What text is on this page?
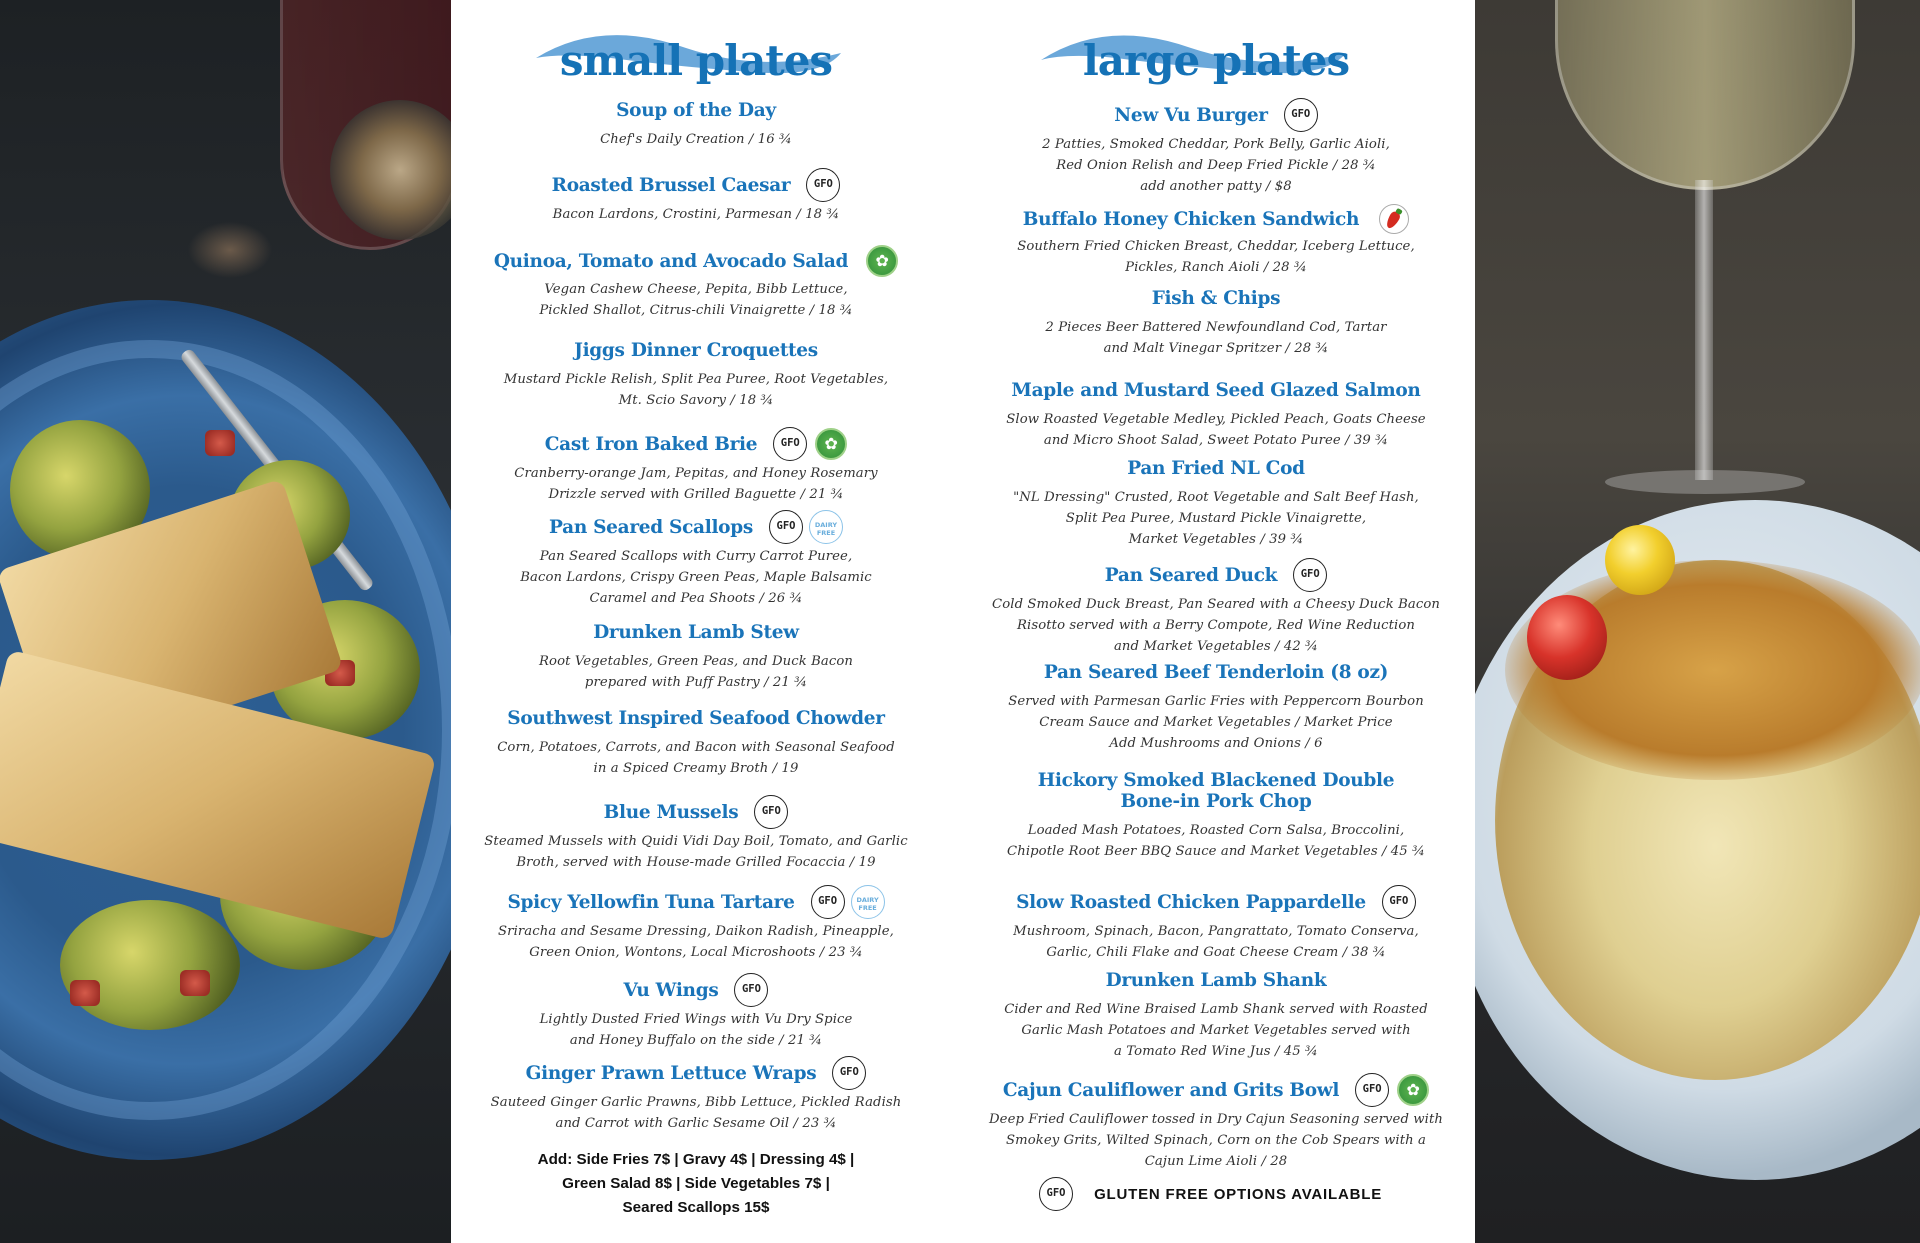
small plates
Soup of the Day
Chef's Daily Creation / 16 ¾
Roasted Brussel Caesar GFO
Bacon Lardons, Crostini, Parmesan / 18 ¾
Quinoa, Tomato and Avocado Salad ✿
Vegan Cashew Cheese, Pepita, Bibb Lettuce,
Pickled Shallot, Citrus-chili Vinaigrette / 18 ¾
Jiggs Dinner Croquettes
Mustard Pickle Relish, Split Pea Puree, Root Vegetables,
Mt. Scio Savory / 18 ¾
Cast Iron Baked Brie GFO ✿
Cranberry-orange Jam, Pepitas, and Honey Rosemary
Drizzle served with Grilled Baguette / 21 ¾
Pan Seared Scallops GFO	DAIRY
FREE
Pan Seared Scallops with Curry Carrot Puree,
Bacon Lardons, Crispy Green Peas, Maple Balsamic
Caramel and Pea Shoots / 26 ¾
Drunken Lamb Stew
Root Vegetables, Green Peas, and Duck Bacon
prepared with Puff Pastry / 21 ¾
Southwest Inspired Seafood Chowder
Corn, Potatoes, Carrots, and Bacon with Seasonal Seafood
in a Spiced Creamy Broth / 19
Blue Mussels GFO
Steamed Mussels with Quidi Vidi Day Boil, Tomato, and Garlic
Broth, served with House-made Grilled Focaccia / 19
Spicy Yellowfin Tuna Tartare GFO	DAIRY
FREE
Sriracha and Sesame Dressing, Daikon Radish, Pineapple,
Green Onion, Wontons, Local Microshoots / 23 ¾
Vu Wings GFO
Lightly Dusted Fried Wings with Vu Dry Spice
and Honey Buffalo on the side / 21 ¾
Ginger Prawn Lettuce Wraps GFO
Sauteed Ginger Garlic Prawns, Bibb Lettuce, Pickled Radish
and Carrot with Garlic Sesame Oil / 23 ¾
Add: Side Fries 7$ | Gravy 4$ | Dressing 4$ |
Green Salad 8$ | Side Vegetables 7$ |
Seared Scallops 15$
large plates
New Vu Burger GFO
2 Patties, Smoked Cheddar, Pork Belly, Garlic Aioli,
Red Onion Relish and Deep Fried Pickle / 28 ¾
add another patty / $8
Buffalo Honey Chicken Sandwich
Southern Fried Chicken Breast, Cheddar, Iceberg Lettuce,
Pickles, Ranch Aioli / 28 ¾
Fish & Chips
2 Pieces Beer Battered Newfoundland Cod, Tartar
and Malt Vinegar Spritzer / 28 ¾
Maple and Mustard Seed Glazed Salmon
Slow Roasted Vegetable Medley, Pickled Peach, Goats Cheese
and Micro Shoot Salad, Sweet Potato Puree / 39 ¾
Pan Fried NL Cod
"NL Dressing" Crusted, Root Vegetable and Salt Beef Hash,
Split Pea Puree, Mustard Pickle Vinaigrette,
Market Vegetables / 39 ¾
Pan Seared Duck GFO
Cold Smoked Duck Breast, Pan Seared with a Cheesy Duck Bacon
Risotto served with a Berry Compote, Red Wine Reduction
and Market Vegetables / 42 ¾
Pan Seared Beef Tenderloin (8 oz)
Served with Parmesan Garlic Fries with Peppercorn Bourbon
Cream Sauce and Market Vegetables / Market Price
Add Mushrooms and Onions / 6
Hickory Smoked Blackened Double
Bone-in Pork Chop
Loaded Mash Potatoes, Roasted Corn Salsa, Broccolini,
Chipotle Root Beer BBQ Sauce and Market Vegetables / 45 ¾
Slow Roasted Chicken Pappardelle GFO
Mushroom, Spinach, Bacon, Pangrattato, Tomato Conserva,
Garlic, Chili Flake and Goat Cheese Cream / 38 ¾
Drunken Lamb Shank
Cider and Red Wine Braised Lamb Shank served with Roasted
Garlic Mash Potatoes and Market Vegetables served with
a Tomato Red Wine Jus / 45 ¾
Cajun Cauliflower and Grits Bowl GFO ✿
Deep Fried Cauliflower tossed in Dry Cajun Seasoning served with
Smokey Grits, Wilted Spinach, Corn on the Cob Spears with a
Cajun Lime Aioli / 28
GFO GLUTEN FREE OPTIONS AVAILABLE
